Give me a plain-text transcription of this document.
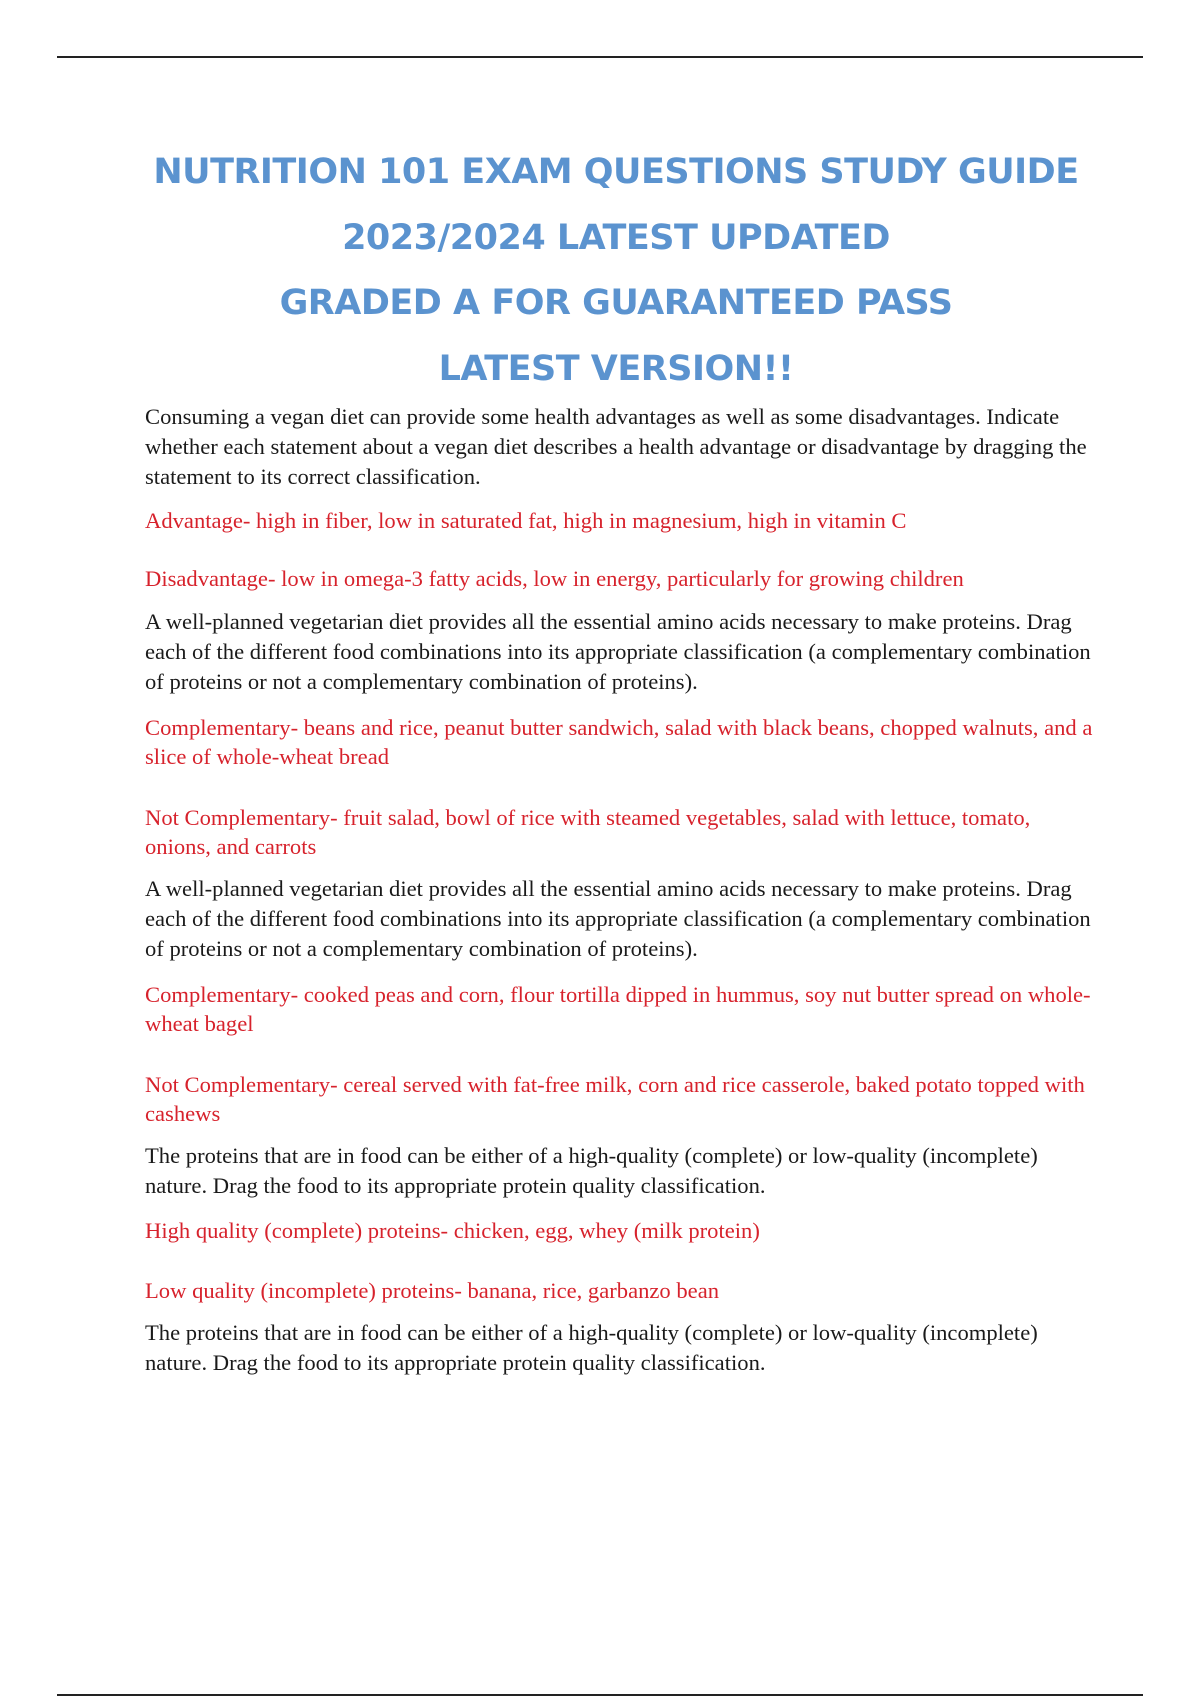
NUTRITION 101 EXAM QUESTIONS STUDY GUIDE
2023/2024 LATEST UPDATED
GRADED A FOR GUARANTEED PASS
LATEST VERSION!!

Consuming a vegan diet can provide some health advantages as well as some disadvantages. Indicate whether each statement about a vegan diet describes a health advantage or disadvantage by dragging the statement to its correct classification.

Advantage- high in fiber, low in saturated fat, high in magnesium, high in vitamin C

Disadvantage- low in omega-3 fatty acids, low in energy, particularly for growing children

A well-planned vegetarian diet provides all the essential amino acids necessary to make proteins. Drag each of the different food combinations into its appropriate classification (a complementary combination of proteins or not a complementary combination of proteins).

Complementary- beans and rice, peanut butter sandwich, salad with black beans, chopped walnuts, and a slice of whole-wheat bread

Not Complementary- fruit salad, bowl of rice with steamed vegetables, salad with lettuce, tomato, onions, and carrots

A well-planned vegetarian diet provides all the essential amino acids necessary to make proteins. Drag each of the different food combinations into its appropriate classification (a complementary combination of proteins or not a complementary combination of proteins).

Complementary- cooked peas and corn, flour tortilla dipped in hummus, soy nut butter spread on whole-wheat bagel

Not Complementary- cereal served with fat-free milk, corn and rice casserole, baked potato topped with cashews

The proteins that are in food can be either of a high-quality (complete) or low-quality (incomplete) nature. Drag the food to its appropriate protein quality classification.

High quality (complete) proteins- chicken, egg, whey (milk protein)

Low quality (incomplete) proteins- banana, rice, garbanzo bean

The proteins that are in food can be either of a high-quality (complete) or low-quality (incomplete) nature. Drag the food to its appropriate protein quality classification.
